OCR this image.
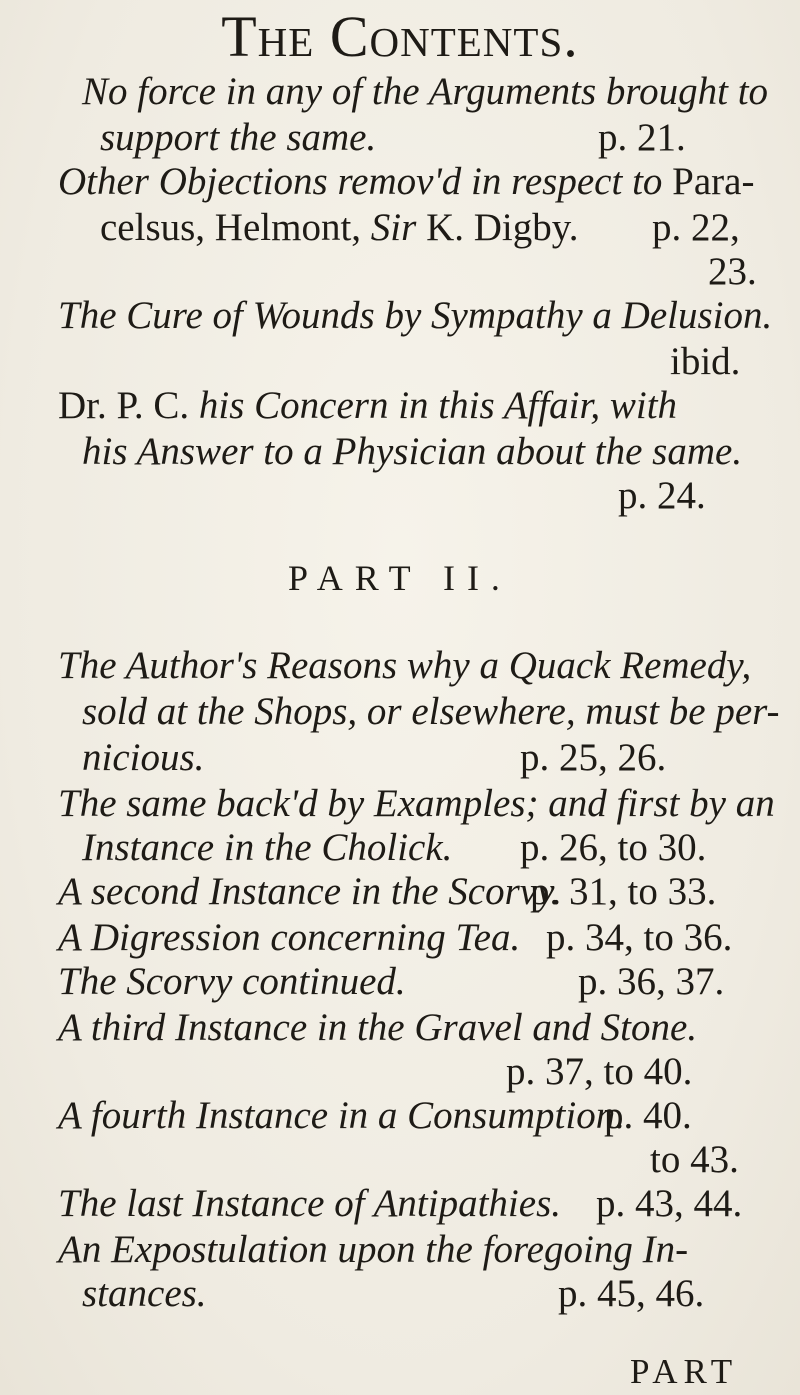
The Contents.
No force in any of the Arguments brought to
support the same.	p. 21.
Other Objections remov'd in respect to Para-
celsus, Helmont, Sir K. Digby. p. 22,
23.
The Cure of Wounds by Sympathy a Delusion.
ibid.
Dr. P. C. his Concern in this Affair, with
his Answer to a Physician about the same.
p. 24.
PART II.
The Author's Reasons why a Quack Remedy,
sold at the Shops, or elsewhere, must be per-
nicious.	p. 25, 26.
The same back'd by Examples; and first by an
Instance in the Cholick. p. 26, to 30.
A second Instance in the Scorvy.
p. 31, to 33.
A Digression concerning Tea. p. 34, to 36.
The Scorvy continued.	p. 36, 37.
A third Instance in the Gravel and Stone.
p. 37, to 40.
A fourth Instance in a Consumption.
p. 40.
to 43.
The last Instance of Antipathies. p. 43, 44.
An Expostulation upon the foregoing In-
stances.	p. 45, 46.
PART
